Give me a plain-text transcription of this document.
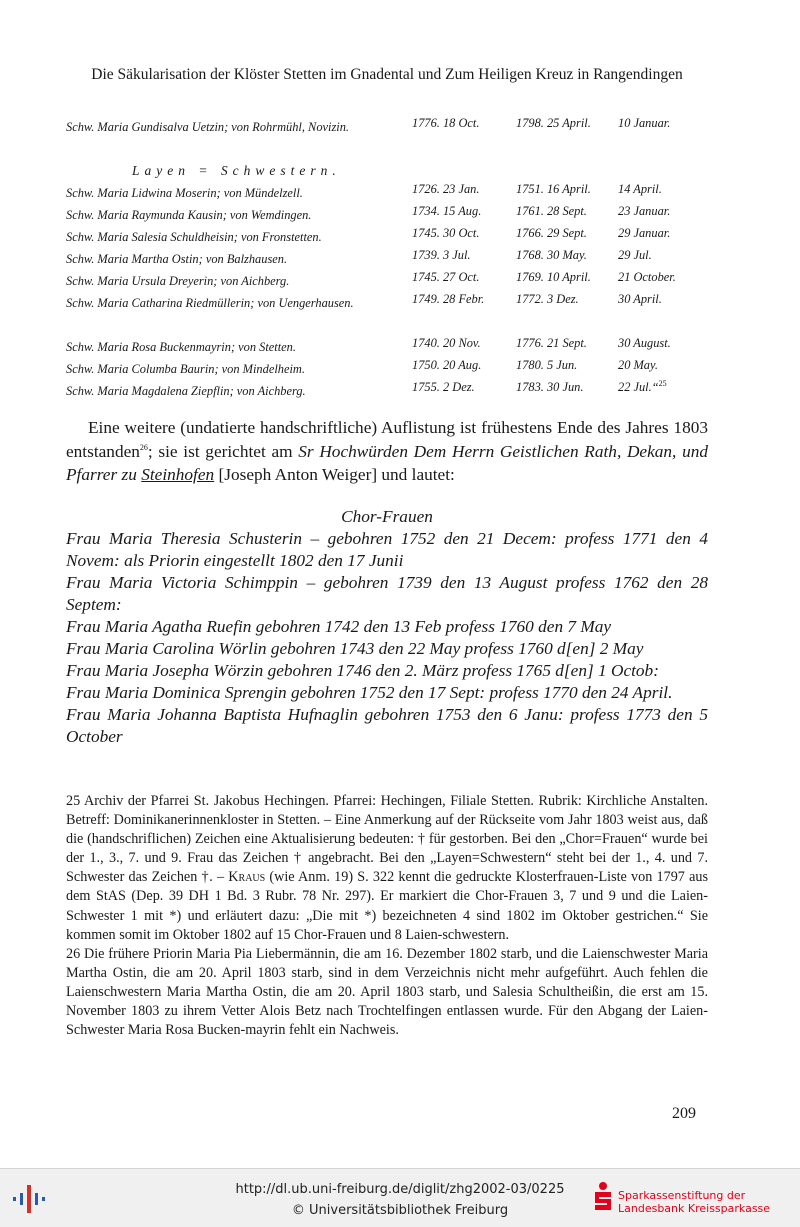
Die Säkularisation der Klöster Stetten im Gnadental und Zum Heiligen Kreuz in Rangendingen
Schw. Maria Gundisalva Uetzin; von Rohrmühl, Novizin.	1776. 18 Oct.	1798. 25 April. 10 Januar.
Layen = Schwestern.
Schw. Maria Lidwina Moserin; von Mündelzell.	1726. 23 Jan.	1751. 16 April. 14 April.
Schw. Maria Raymunda Kausin; von Wemdingen.	1734. 15 Aug.	1761. 28 Sept.	23 Januar.
Schw. Maria Salesia Schuldheisin; von Fronstetten.	1745. 30 Oct.	1766. 29 Sept.	29 Januar.
Schw. Maria Martha Ostin; von Balzhausen.	1739. 3 Jul.	1768. 30 May.	29 Jul.
Schw. Maria Ursula Dreyerin; von Aichberg.	1745. 27 Oct.	1769. 10 April. 21 October.
Schw. Maria Catharina Riedmüllerin; von Uengerhausen.	1749. 28 Febr.	1772. 3 Dez.	30 April.
Schw. Maria Rosa Buckenmayrin; von Stetten.	1740. 20 Nov.	1776. 21 Sept.	30 August.
Schw. Maria Columba Baurin; von Mindelheim.	1750. 20 Aug.	1780. 5 Jun.	20 May.
Schw. Maria Magdalena Ziepflin; von Aichberg.	1755. 2 Dez.	1783. 30 Jun.	22 Jul.“$^{25}$
Eine weitere (undatierte handschriftliche) Auflistung ist frühestens Ende des Jahres 1803 entstanden$^{26}$; sie ist gerichtet am Sr Hochwürden Dem Herrn Geistlichen Rath, Dekan, und Pfarrer zu Steinhofen [Joseph Anton Weiger] und lautet:
Chor-Frauen

Frau Maria Theresia Schusterin – gebohren 1752 den 21 Decem: profess 1771 den 4 Novem: als Priorin eingestellt 1802 den 17 Junii

Frau Maria Victoria Schimppin – gebohren 1739 den 13 August profess 1762 den 28 Septem:

Frau Maria Agatha Ruefin gebohren 1742 den 13 Feb profess 1760 den 7 May

Frau Maria Carolina Wörlin gebohren 1743 den 22 May profess 1760 d[en] 2 May

Frau Maria Josepha Wörzin gebohren 1746 den 2. März profess 1765 d[en] 1 Octob:

Frau Maria Dominica Sprengin gebohren 1752 den 17 Sept: profess 1770 den 24 April.

Frau Maria Johanna Baptista Hufnaglin gebohren 1753 den 6 Janu: profess 1773 den 5 October

25 Archiv der Pfarrei St. Jakobus Hechingen. Pfarrei: Hechingen, Filiale Stetten. Rubrik: Kirchliche Anstalten. Betreff: Dominikanerinnenkloster in Stetten. – Eine Anmerkung auf der Rückseite vom Jahr 1803 weist aus, daß die (handschriflichen) Zeichen eine Aktualisierung bedeuten: † für gestorben. Bei den „Chor=Frauen“ wurde bei der 1., 3., 7. und 9. Frau das Zeichen † angebracht. Bei den „Layen=Schwestern“ steht bei der 1., 4. und 7. Schwester das Zeichen †. – Kraus (wie Anm. 19) S. 322 kennt die gedruckte Klosterfrauen-Liste von 1797 aus dem StAS (Dep. 39 DH 1 Bd. 3 Rubr. 78 Nr. 297). Er markiert die Chor-Frauen 3, 7 und 9 und die Laien-Schwester 1 mit *) und erläutert dazu: „Die mit *) bezeichneten 4 sind 1802 im Oktober gestrichen.“ Sie kommen somit im Oktober 1802 auf 15 Chor-Frauen und 8 Laien-schwestern.

26 Die frühere Priorin Maria Pia Liebermännin, die am 16. Dezember 1802 starb, und die Laienschwester Maria Martha Ostin, die am 20. April 1803 starb, sind in dem Verzeichnis nicht mehr aufgeführt. Auch fehlen die Laienschwestern Maria Martha Ostin, die am 20. April 1803 starb, und Salesia Schultheißin, die erst am 15. November 1803 zu ihrem Vetter Alois Betz nach Trochtelfingen entlassen wurde. Für den Abgang der Laien-Schwester Maria Rosa Bucken-mayrin fehlt ein Nachweis.

209
http://dl.ub.uni-freiburg.de/diglit/zhg2002-03/0225
© Universitätsbibliothek Freiburg
Sparkassenstiftung der
Landesbank Kreissparkasse
